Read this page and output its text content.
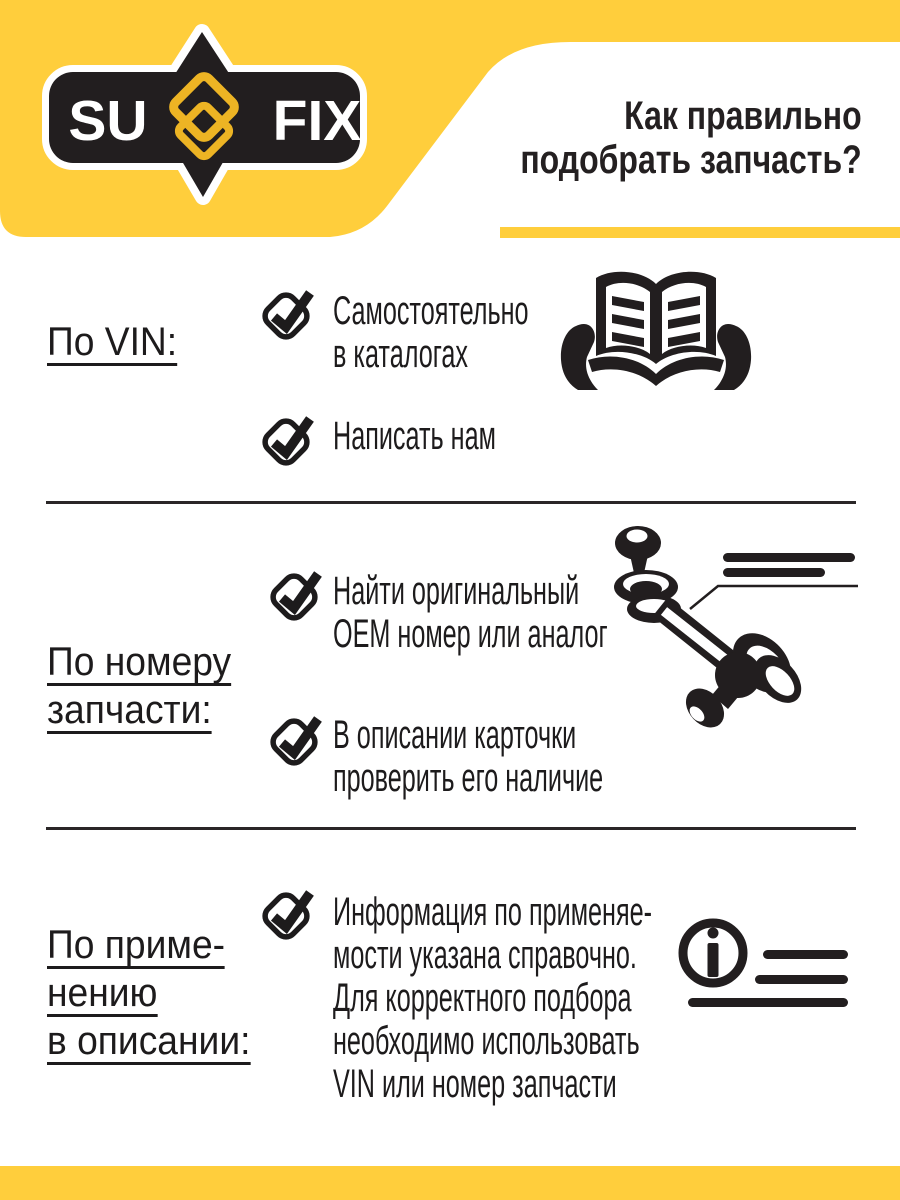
SU FIX	Как правильно
подобрать запчасть?
По VIN:
Самостоятельно
в каталогах
Написать нам
По номеру
запчасти:
Найти оригинальный
ОЕМ номер или аналог
В описании карточки
проверить его наличие
По приме-
нению
в описании:
Информация по применяе-
мости указана справочно.
Для корректного подбора
необходимо использовать
VIN или номер запчасти
